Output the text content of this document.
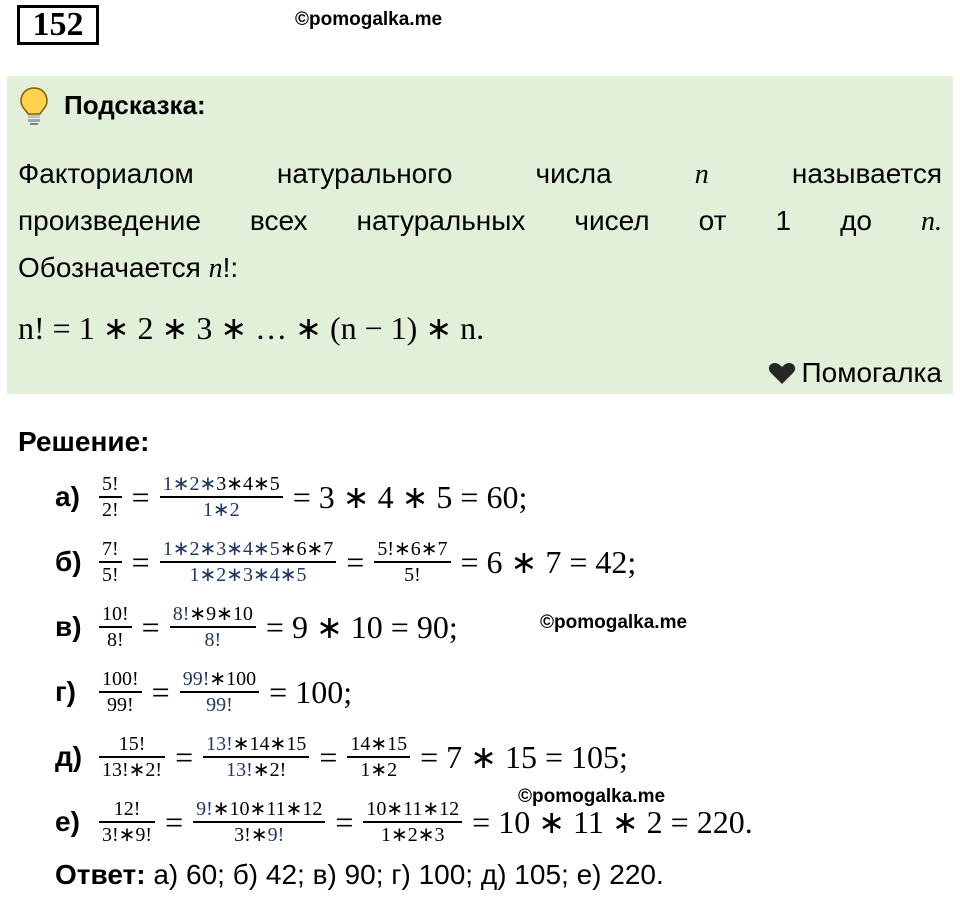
152	©pomogalka.me
Подсказка:
Факториалом	натурального	числа	n	называется
произведение всех натуральных чисел от 1 до n.
Обозначается n!:
n! = 1 ∗ 2 ∗ 3 ∗ … ∗ (n − 1) ∗ n.
Помогалка
Решение:
$а) \frac{5!}{2!} = \frac{1∗2∗3∗4∗5}{1∗2} = 3$ ∗ 4 ∗ 5 = 60;
$б) \frac{7!}{5!} = \frac{1∗2∗3∗4∗5∗6∗7}{1∗2∗3∗4∗5} = \frac{5!∗6∗7}{5!} = 6$ ∗ 7 = 42;
$в) \frac{10!}{8!} = \frac{8!∗9∗10}{8!} = 9$ ∗ 10 = 90;	©pomogalka.me
г)	$\frac{100!}{99!} = \frac{99!∗100}{99!} = 100$;
$д) \frac{15!}{13!∗2!} = \frac{13!∗14∗15}{13!∗2!} = \frac{14∗15}{1∗2} = 7$ ∗ 15 = 105;
$е) \frac{12!}{3!∗9!} = \frac{9!∗10∗11∗12}{3!∗9!} = \frac{10∗11∗12}{1∗2∗3} = 10$ ∗ 11 ∗ 2 = 220.
©pomogalka.me
Ответ: а) 60; б) 42; в) 90; г) 100; д) 105; е) 220.
